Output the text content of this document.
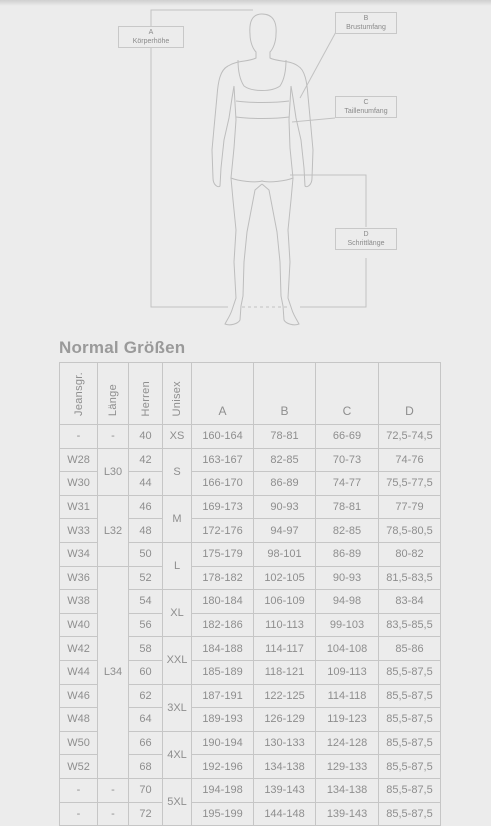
A
Körperhöhe
B
Brustumfang
C
Taillenumfang
D
Schrittlänge
Normal Größen
Jeansgr.	Länge	Herren	Unisex	A	B	C	D
-	-	40	XS	160-164	78-81	66-69	72,5-74,5
W28	L30	42	S	163-167	82-85	70-73	74-76
W30		44		166-170	86-89	74-77	75,5-77,5
W31	L32	46	M	169-173	90-93	78-81	77-79
W33		48		172-176	94-97	82-85	78,5-80,5
W34		50	L	175-179	98-101	86-89	80-82
W36	L34	52		178-182	102-105	90-93	81,5-83,5
W38		54	XL	180-184	106-109	94-98	83-84
W40		56		182-186	110-113	99-103	83,5-85,5
W42		58	XXL	184-188	114-117	104-108	85-86
W44		60		185-189	118-121	109-113	85,5-87,5
W46		62	3XL	187-191	122-125	114-118	85,5-87,5
W48		64		189-193	126-129	119-123	85,5-87,5
W50		66	4XL	190-194	130-133	124-128	85,5-87,5
W52		68		192-196	134-138	129-133	85,5-87,5
-	-	70	5XL	194-198	139-143	134-138	85,5-87,5
-	-	72		195-199	144-148	139-143	85,5-87,5
